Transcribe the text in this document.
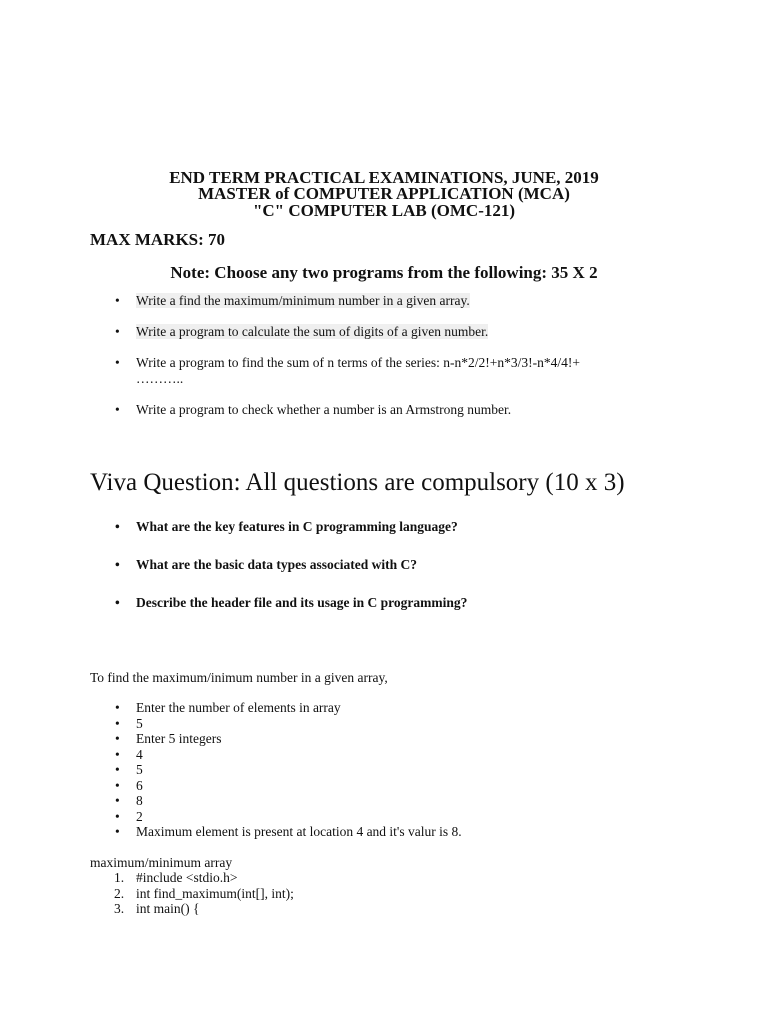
END TERM PRACTICAL EXAMINATIONS, JUNE, 2019
MASTER of COMPUTER APPLICATION (MCA)
"C" COMPUTER LAB (OMC-121)
MAX MARKS: 70
Note: Choose any two programs from the following: 35 X 2
• Write a find the maximum/minimum number in a given array.
• Write a program to calculate the sum of digits of a given number.
• Write a program to find the sum of n terms of the series: n-n*2/2!+n*3/3!-n*4/4!+
………..
• Write a program to check whether a number is an Armstrong number.
Viva Question: All questions are compulsory (10 x 3)
• What are the key features in C programming language?
• What are the basic data types associated with C?
• Describe the header file and its usage in C programming?
To find the maximum/inimum number in a given array,
• Enter the number of elements in array
• 5
• Enter 5 integers
• 4
• 5
• 6
• 8
• 2
• Maximum element is present at location 4 and it's valur is 8.
maximum/minimum array
1. #include <stdio.h>
2. int find_maximum(int[], int);
3. int main() {
